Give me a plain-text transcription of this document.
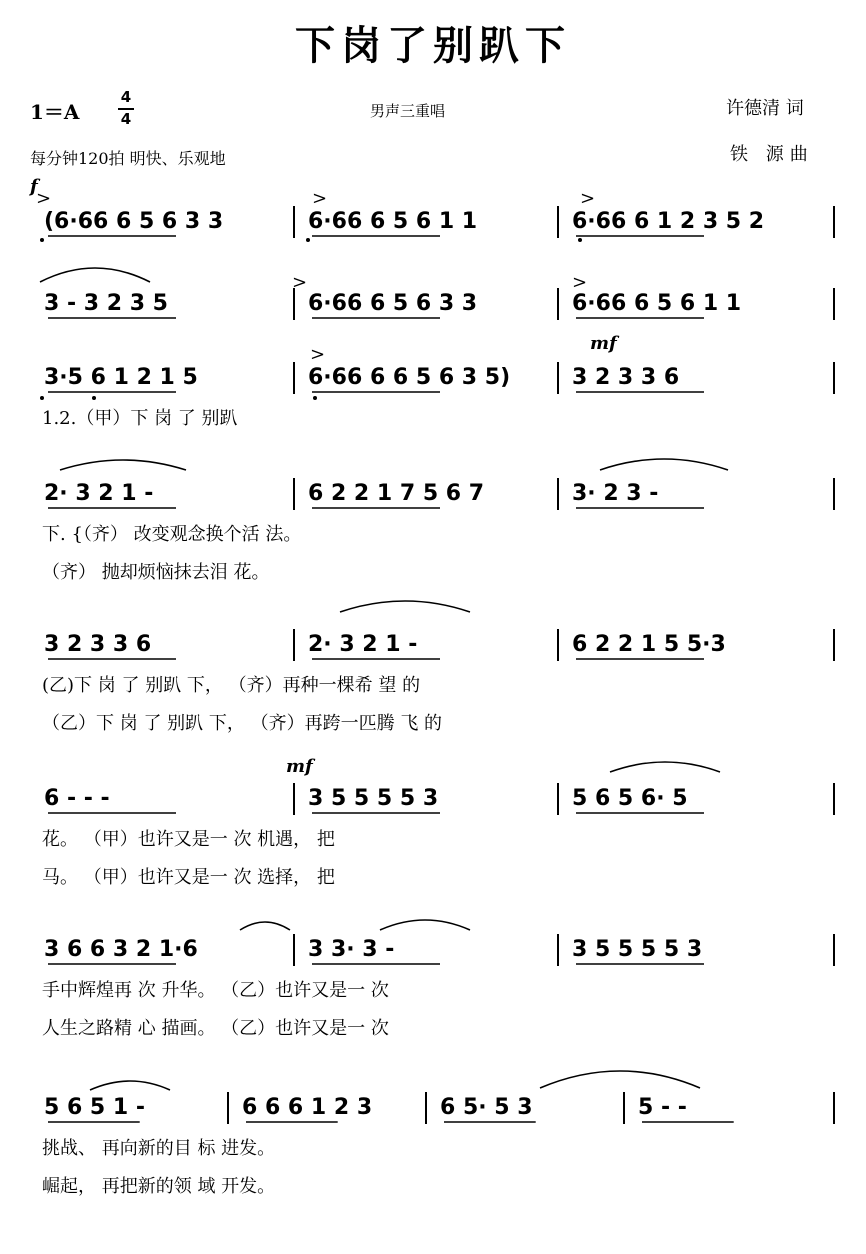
下岗了别趴下
1＝A
4
4	男声三重唱	许德清 词
铁 源曲
每分钟120拍 明快、乐观地
(6·66 6 5 6 3 3	6·66 6 5 6 1 1	6·66 6 1 2 3 5 2
3 - 3 2 3 5	6·66 6 5 6 3 3	6·66 6 5 6 1 1
3·5 6 1 2 1 5	6·66 6 6 5 6 3 5)	3 2 3 3 6
1.2.（甲）下 岗 了 别趴
2· 3 2 1 -	6 2 2 1 7 5 6 7	3· 2 3 -
下. {（齐） 改变观念换个活 法。
（齐） 抛却烦恼抹去泪 花。
3 2 3 3 6	2· 3 2 1 -	6 2 2 1 5 5·3
(乙)下 岗 了 别趴 下， （齐）再种一棵希 望 的
（乙）下 岗 了 别趴 下， （齐）再跨一匹腾 飞 的
6 - - -	3 5 5 5 5 3	5 6 5 6· 5
花。 （甲）也许又是一 次 机遇， 把
马。 （甲）也许又是一 次 选择， 把
3 6 6 3 2 1·6	3 3· 3 -	3 5 5 5 5 3
手中辉煌再 次 升华。 （乙）也许又是一 次
人生之路精 心 描画。 （乙）也许又是一 次
5 6 5 1 -	6 6 6 1 2 3	6 5· 5 3	5 - -
挑战、 再向新的目 标 进发。
崛起， 再把新的领 域 开发。
f
mf
mf
>	>	>
>	>
>
